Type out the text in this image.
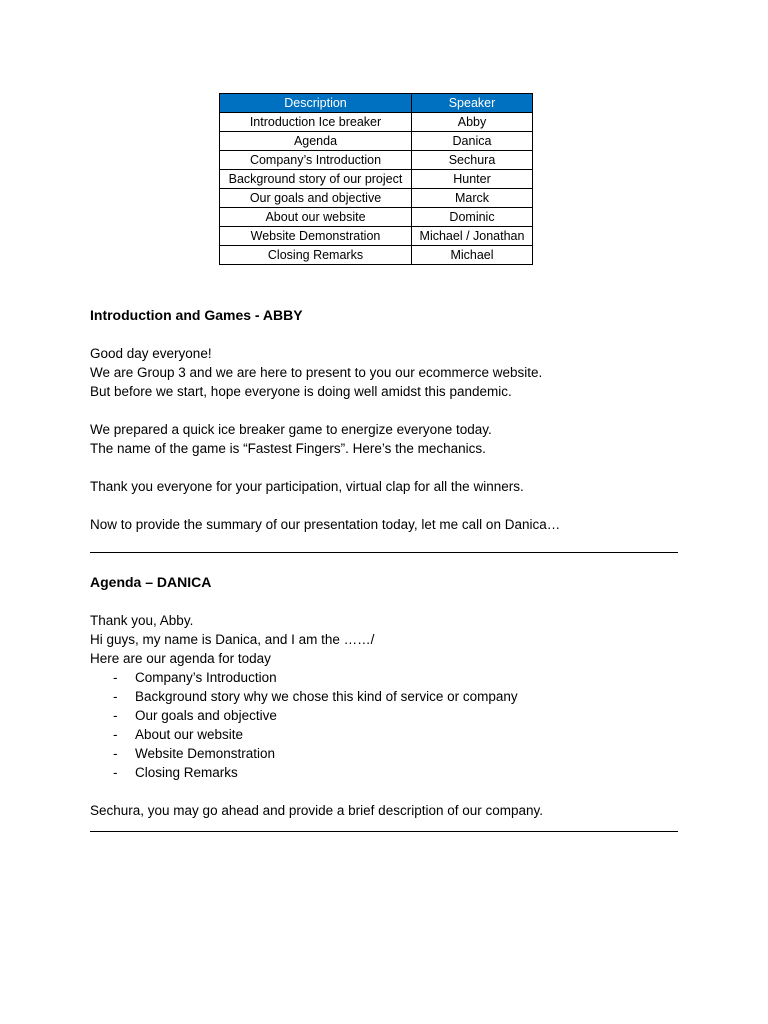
Description	Speaker
Introduction Ice breaker	Abby
Agenda	Danica
Company’s Introduction	Sechura
Background story of our project	Hunter
Our goals and objective	Marck
About our website	Dominic
Website Demonstration	Michael / Jonathan
Closing Remarks	Michael

Introduction and Games - ABBY

Good day everyone!

We are Group 3 and we are here to present to you our ecommerce website.

But before we start, hope everyone is doing well amidst this pandemic.

We prepared a quick ice breaker game to energize everyone today.

The name of the game is “Fastest Fingers”. Here’s the mechanics.

Thank you everyone for your participation, virtual clap for all the winners.

Now to provide the summary of our presentation today, let me call on Danica…

Agenda – DANICA

Thank you, Abby.

Hi guys, my name is Danica, and I am the ……/

Here are our agenda for today

- Company’s Introduction
- Background story why we chose this kind of service or company
- Our goals and objective
- About our website
- Website Demonstration
- Closing Remarks

Sechura, you may go ahead and provide a brief description of our company.
